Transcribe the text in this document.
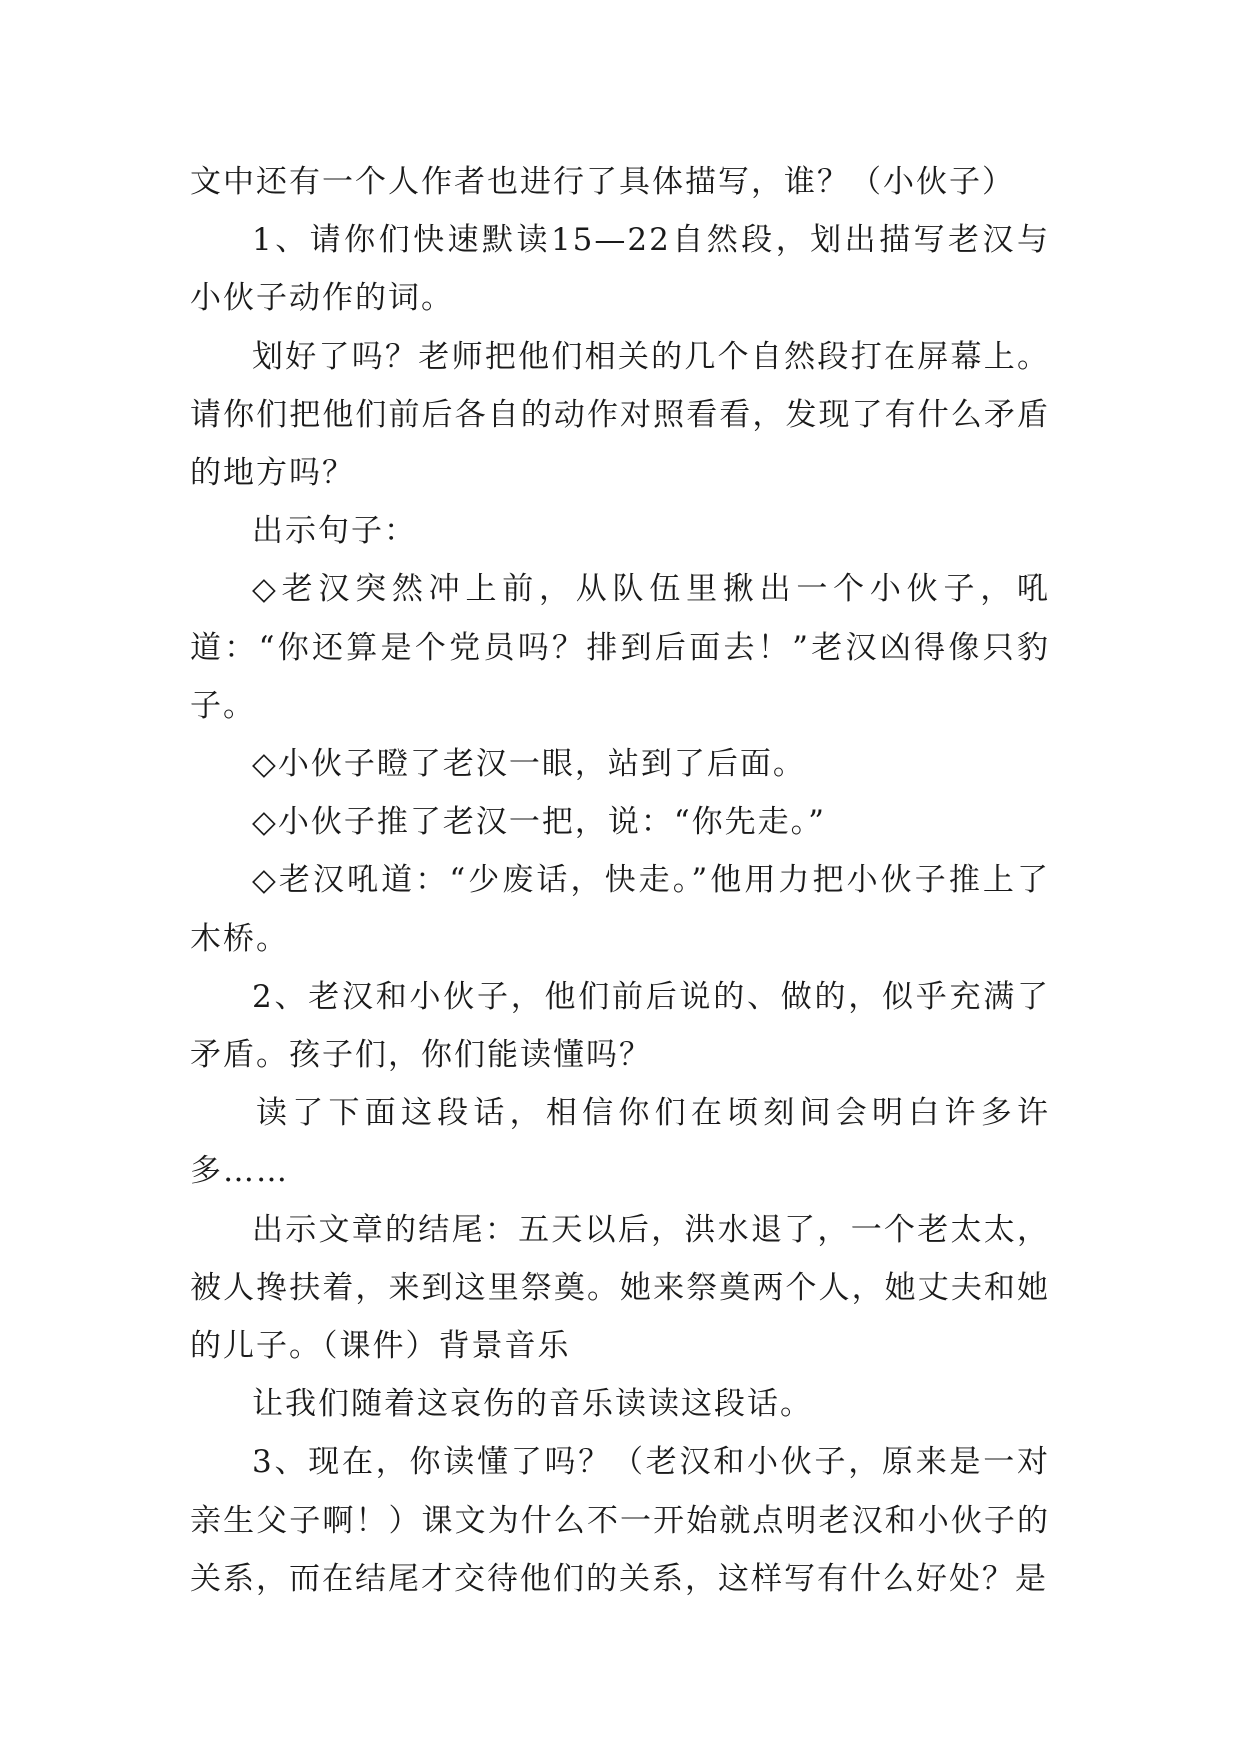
文中还有一个人作者也进行了具体描写，谁？（小伙子）

1、请你们快速默读15—22自然段，划出描写老汉与小伙子动作的词。

划好了吗？老师把他们相关的几个自然段打在屏幕上。请你们把他们前后各自的动作对照看看，发现了有什么矛盾的地方吗？

出示句子：

◇老汉突然冲上前，从队伍里揪出一个小伙子，吼道：“你还算是个党员吗？排到后面去！”老汉凶得像只豹子。

◇小伙子瞪了老汉一眼，站到了后面。

◇小伙子推了老汉一把，说：“你先走。”

◇老汉吼道：“少废话，快走。”他用力把小伙子推上了木桥。

2、老汉和小伙子，他们前后说的、做的，似乎充满了矛盾。孩子们，你们能读懂吗？

读了下面这段话，相信你们在顷刻间会明白许多许多……

出示文章的结尾：五天以后，洪水退了，一个老太太，被人搀扶着，来到这里祭奠。她来祭奠两个人，她丈夫和她的儿子。（课件）背景音乐

让我们随着这哀伤的音乐读读这段话。

3、现在，你读懂了吗？（老汉和小伙子，原来是一对亲生父子啊！）课文为什么不一开始就点明老汉和小伙子的关系，而在结尾才交待他们的关系，这样写有什么好处？是
